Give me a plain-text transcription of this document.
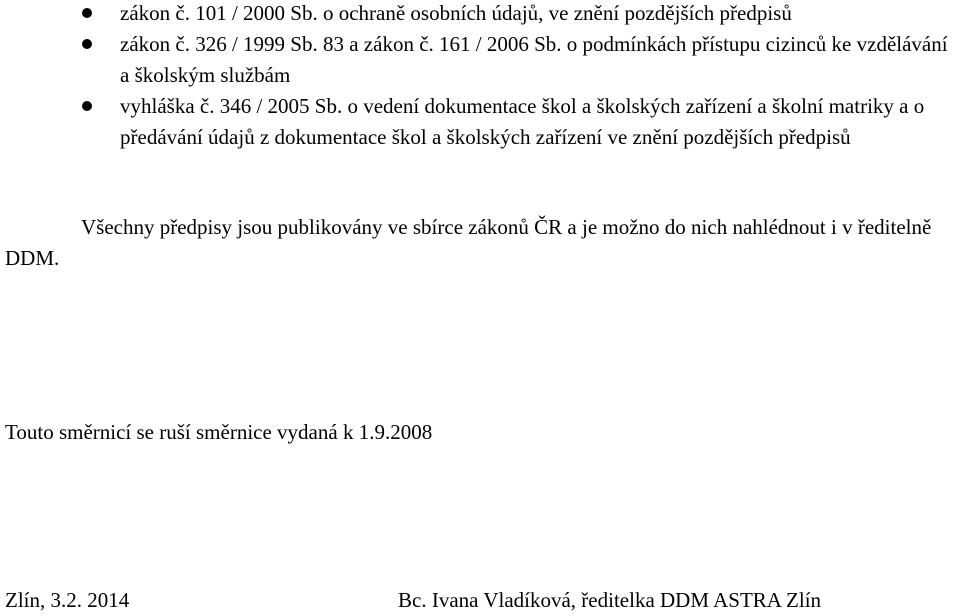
zákon č. 101 / 2000 Sb. o ochraně osobních údajů, ve znění pozdějších předpisů
zákon č. 326 / 1999 Sb. 83 a zákon č. 161 / 2006 Sb. o podmínkách přístupu cizinců ke vzdělávání a školským službám
vyhláška č. 346 / 2005 Sb. o vedení dokumentace škol a školských zařízení a školní matriky a o předávání údajů z dokumentace škol a školských zařízení ve znění pozdějších předpisů

Všechny předpisy jsou publikovány ve sbírce zákonů ČR a je možno do nich nahlédnout i v ředitelně DDM.

Touto směrnicí se ruší směrnice vydaná k 1.9.2008

Zlín, 3.2. 2014	Bc. Ivana Vladíková, ředitelka DDM ASTRA Zlín
